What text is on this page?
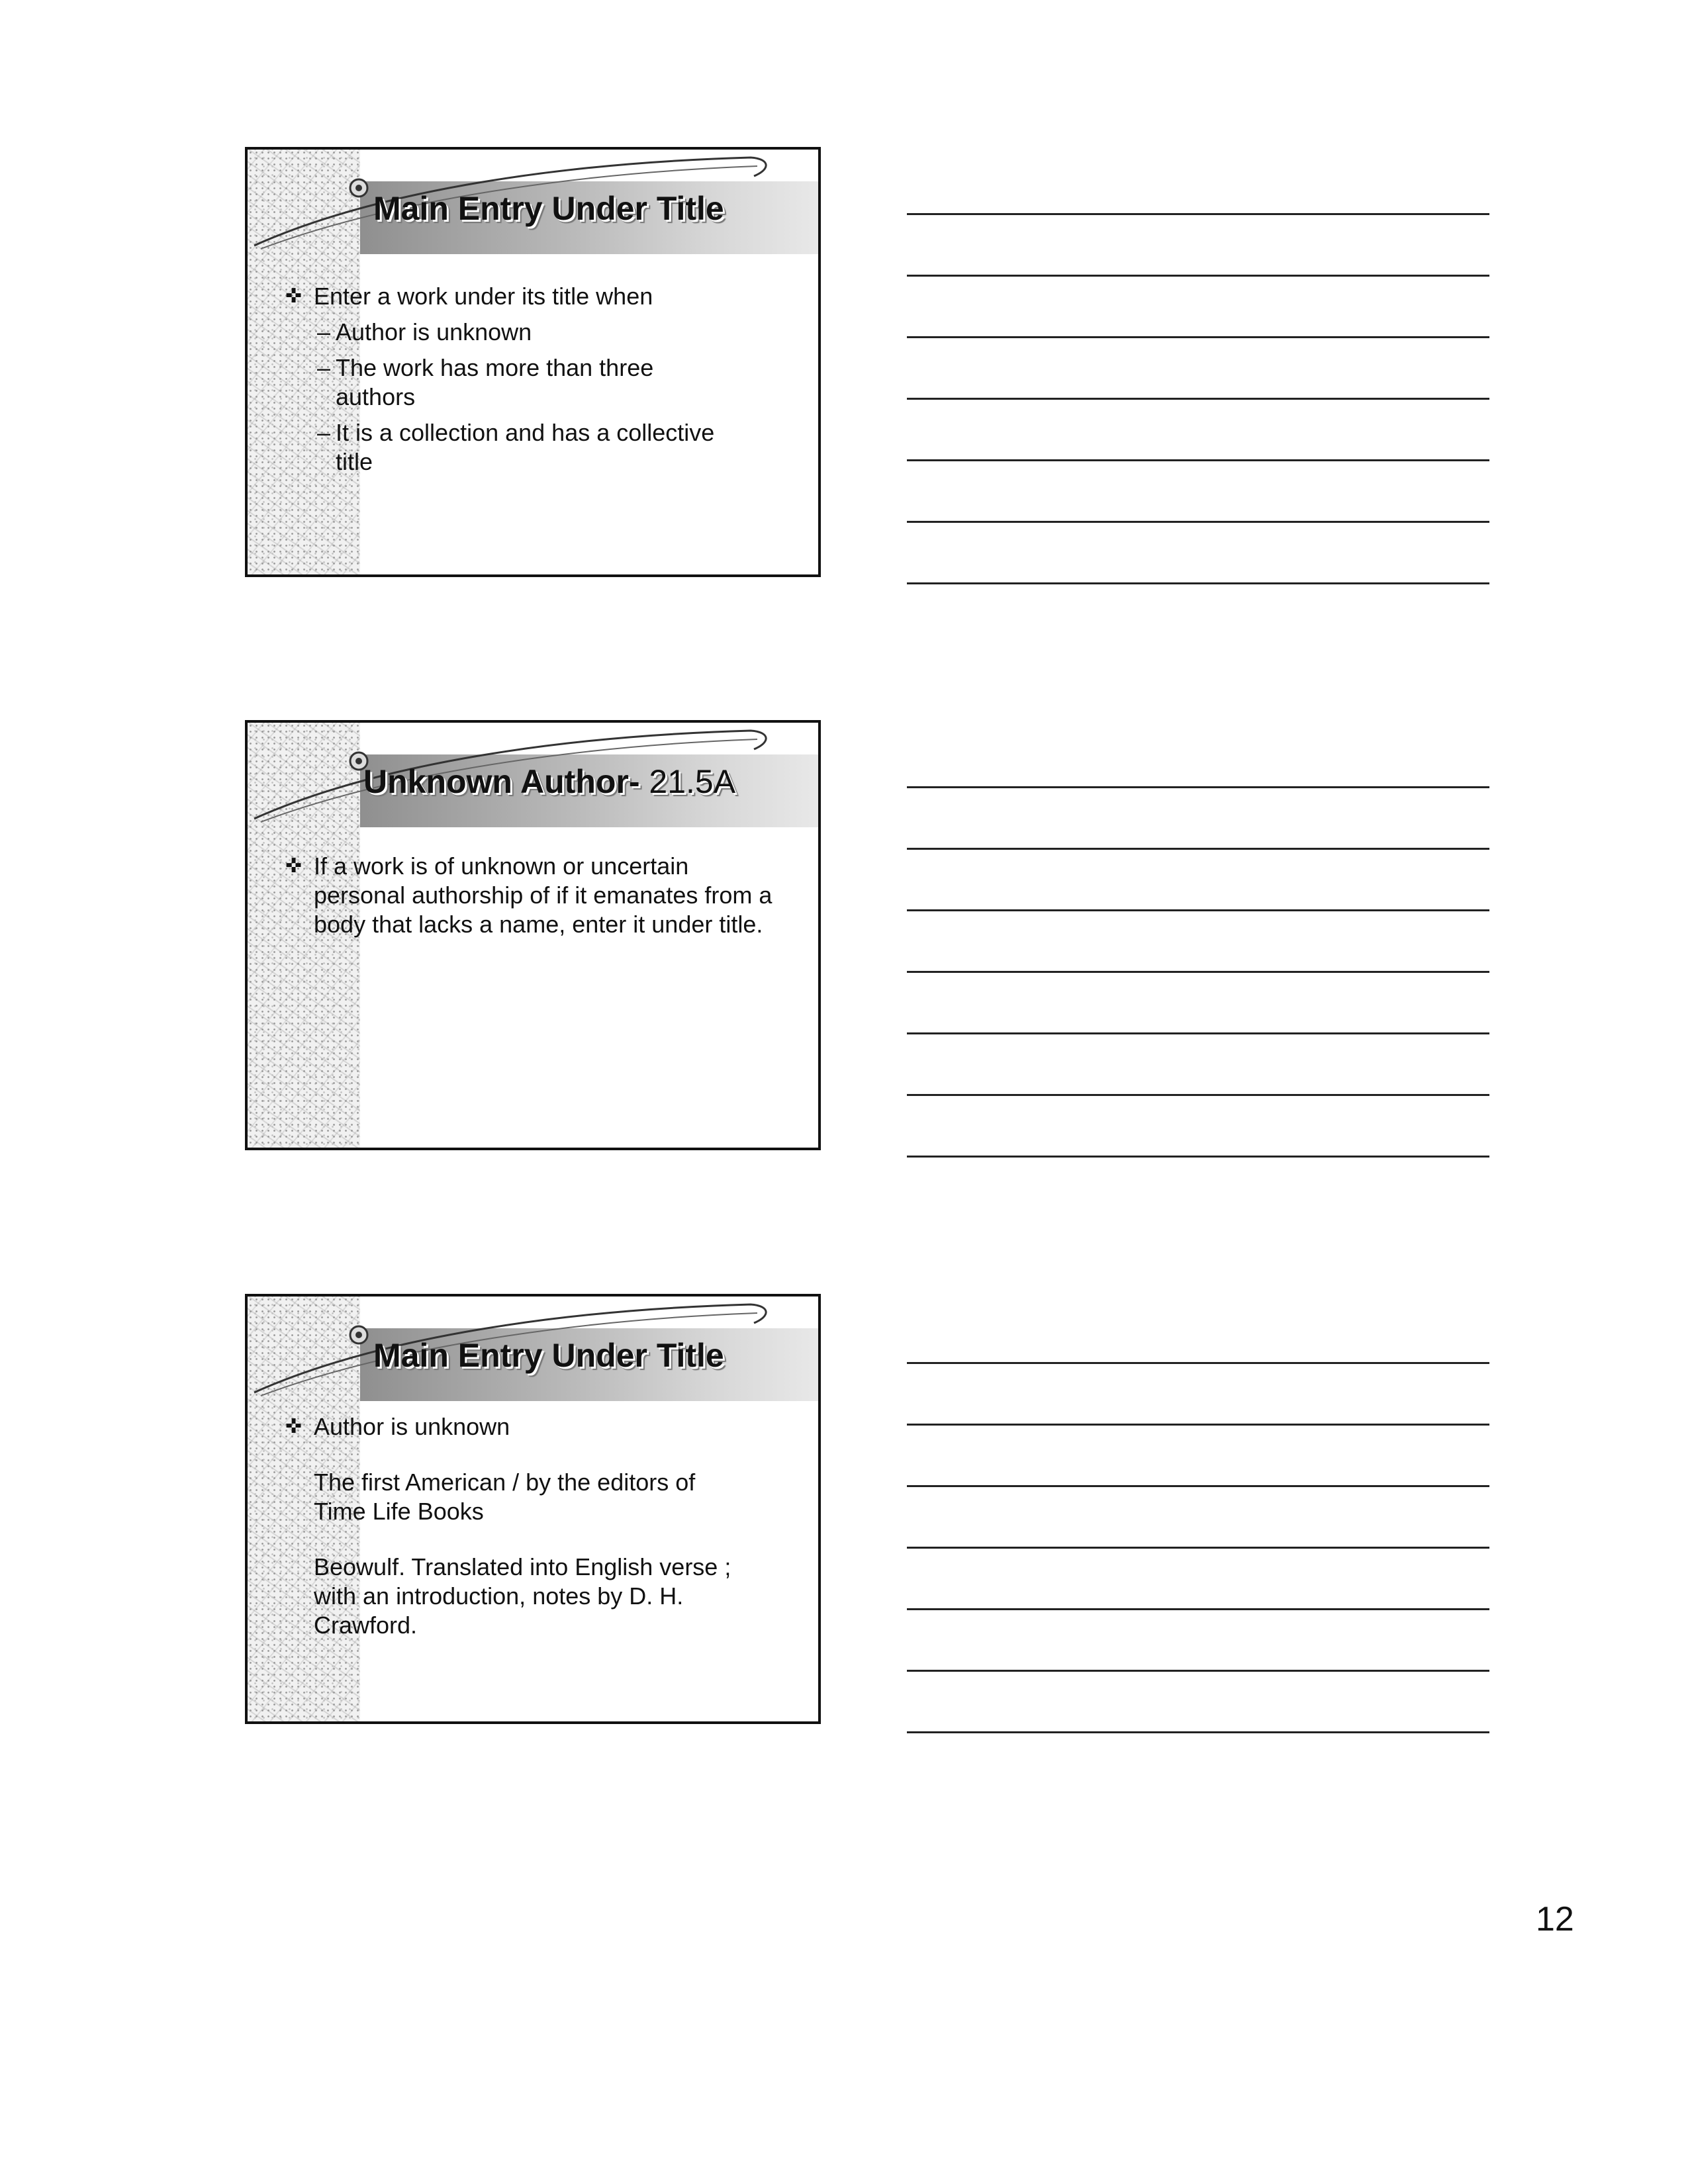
Main Entry Under Title
✜ Enter a work under its title when
– Author is unknown
– The work has more than three authors
– It is a collection and has a collective title
Unknown Author- 21.5A
✜ If a work is of unknown or uncertain personal authorship of if it emanates from a body that lacks a name, enter it under title.
Main Entry Under Title
✜ Author is unknown
The first American / by the editors of Time Life Books
Beowulf. Translated into English verse ; with an introduction, notes by D. H. Crawford.
12
